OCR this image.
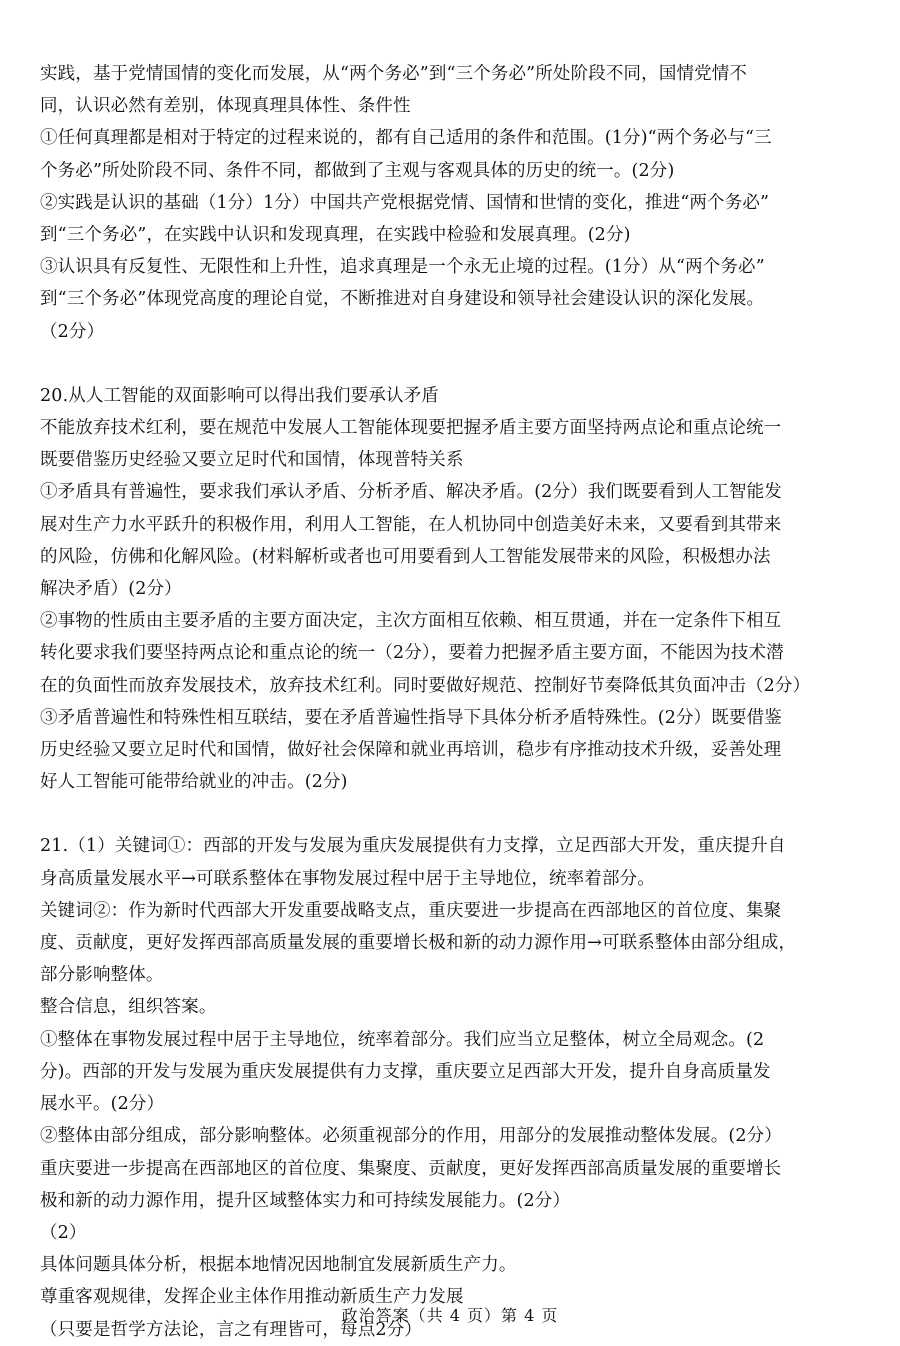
实践，基于党情国情的变化而发展，从“两个务必”到“三个务必”所处阶段不同，国情党情不
同，认识必然有差别，体现真理具体性、条件性
①任何真理都是相对于特定的过程来说的，都有自己适用的条件和范围。(1分)“两个务必与“三
个务必”所处阶段不同、条件不同，都做到了主观与客观具体的历史的统一。(2分)
②实践是认识的基础（1分）1分）中国共产党根据党情、国情和世情的变化，推进“两个务必”
到“三个务必”，在实践中认识和发现真理，在实践中检验和发展真理。(2分)
③认识具有反复性、无限性和上升性，追求真理是一个永无止境的过程。(1分）从“两个务必”
到“三个务必”体现党高度的理论自觉，不断推进对自身建设和领导社会建设认识的深化发展。
（2分）
20.从人工智能的双面影响可以得出我们要承认矛盾
不能放弃技术红利，要在规范中发展人工智能体现要把握矛盾主要方面坚持两点论和重点论统一
既要借鉴历史经验又要立足时代和国情，体现普特关系
①矛盾具有普遍性，要求我们承认矛盾、分析矛盾、解决矛盾。(2分）我们既要看到人工智能发
展对生产力水平跃升的积极作用，利用人工智能，在人机协同中创造美好未来，又要看到其带来
的风险，仿佛和化解风险。(材料解析或者也可用要看到人工智能发展带来的风险，积极想办法
解决矛盾）(2分）
②事物的性质由主要矛盾的主要方面决定，主次方面相互依赖、相互贯通，并在一定条件下相互
转化要求我们要坚持两点论和重点论的统一（2分），要着力把握矛盾主要方面，不能因为技术潜
在的负面性而放弃发展技术，放弃技术红利。同时要做好规范、控制好节奏降低其负面冲击（2分）
③矛盾普遍性和特殊性相互联结，要在矛盾普遍性指导下具体分析矛盾特殊性。(2分）既要借鉴
历史经验又要立足时代和国情，做好社会保障和就业再培训，稳步有序推动技术升级，妥善处理
好人工智能可能带给就业的冲击。(2分)
21.（1）关键词①：西部的开发与发展为重庆发展提供有力支撑，立足西部大开发，重庆提升自
身高质量发展水平→可联系整体在事物发展过程中居于主导地位，统率着部分。
关键词②：作为新时代西部大开发重要战略支点，重庆要进一步提高在西部地区的首位度、集聚
度、贡献度，更好发挥西部高质量发展的重要增长极和新的动力源作用→可联系整体由部分组成，
部分影响整体。
整合信息，组织答案。
①整体在事物发展过程中居于主导地位，统率着部分。我们应当立足整体，树立全局观念。(2
分)。西部的开发与发展为重庆发展提供有力支撑，重庆要立足西部大开发，提升自身高质量发
展水平。(2分）
②整体由部分组成，部分影响整体。必须重视部分的作用，用部分的发展推动整体发展。(2分）
重庆要进一步提高在西部地区的首位度、集聚度、贡献度，更好发挥西部高质量发展的重要增长
极和新的动力源作用，提升区域整体实力和可持续发展能力。(2分）
（2）
具体问题具体分析，根据本地情况因地制宜发展新质生产力。
尊重客观规律，发挥企业主体作用推动新质生产力发展
（只要是哲学方法论，言之有理皆可，每点2分）
政治答案（共 4 页）第 4 页
